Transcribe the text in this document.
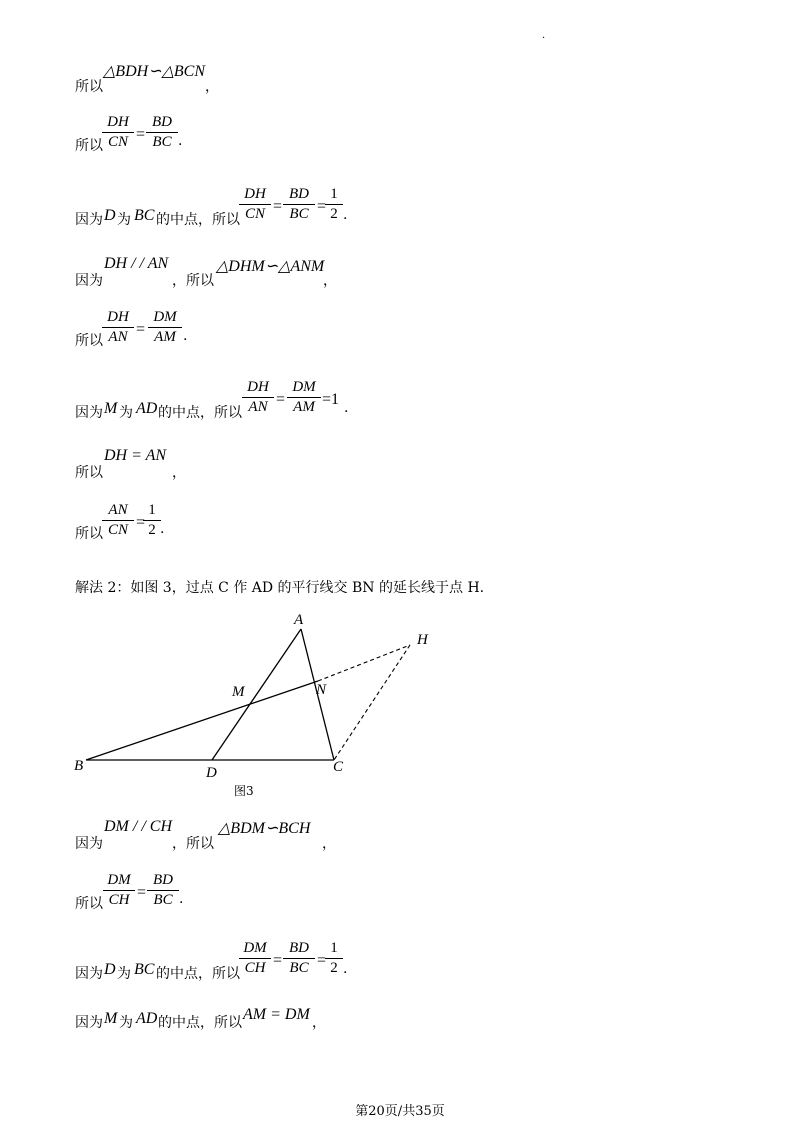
.
所以
△BDH∽△BCN
，
所以
DH
CN =
BD
BC .
因为 D 为 BC 的中点，所以
DH
CN =
BD
BC =
1
2 .
因为
DH / / AN
，所以
△DHM∽△ANM
，
所以
DH
AN =
DM
AM .
因为 M 为 AD 的中点，所以
DH
AN =
DM
AM =1 .
所以
DH = AN
，
所以
AN
CN =
1
2 .
解法 2：如图 3，过点 C 作 AD 的平行线交 BN 的延长线于点 H.
A
H
M	N
B	D	C
图3
因为
DM / / CH
，所以
△BDM∽BCH
，
所以
DM
CH =
BD
BC .
因为 D 为 BC 的中点，所以
DM
CH =
BD
BC =
1
2 .
因为 M 为 AD 的中点，所以 AM = DM ，
第20页/共35页
